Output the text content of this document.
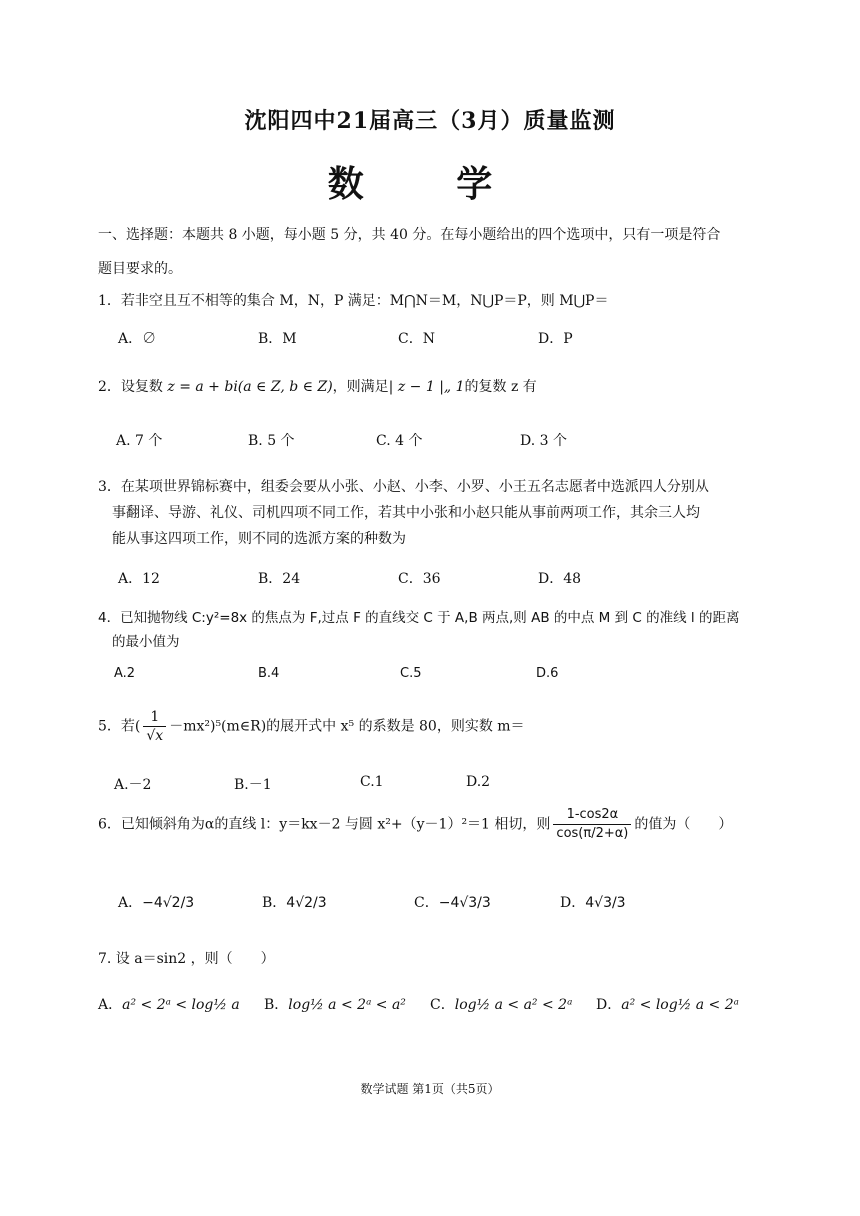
沈阳四中21届高三（3月）质量监测
数 学
一、选择题：本题共 8 小题，每小题 5 分，共 40 分。在每小题给出的四个选项中，只有一项是符合
题目要求的。
1．若非空且互不相等的集合 M，N，P 满足：M⋂N＝M，N⋃P＝P，则 M⋃P＝
A．∅	B．M	C．N	D．P
2．设复数 z = a + bi(a ∈ Z, b ∈ Z)，则满足| z − 1 |„ 1的复数 z 有
A. 7 个	B. 5 个	C. 4 个	D. 3 个
3．在某项世界锦标赛中，组委会要从小张、小赵、小李、小罗、小王五名志愿者中选派四人分别从
事翻译、导游、礼仪、司机四项不同工作，若其中小张和小赵只能从事前两项工作，其余三人均
能从事这四项工作，则不同的选派方案的种数为
A．12	B．24	C．36	D．48
4．已知抛物线 C:y²=8x 的焦点为 F,过点 F 的直线交 C 于 A,B 两点,则 AB 的中点 M 到 C 的准线 l 的距离
的最小值为
A.2	B.4	C.5	D.6
5．若( $\frac{1}{√x}$ －mx²)⁵(m∈R)的展开式中 x⁵ 的系数是 80，则实数 m＝
A.－2	B.－1	C.1	D.2
6．已知倾斜角为α的直线 l：y＝kx－2 与圆 x²+（y－1）²＝1 相切，则 $\frac{1-\cos 2\alpha}{\cos(\pi/2+\alpha)}$ 的值为（　　）
A．−4√2/3	B．4√2/3	C．−4√3/3	D．4√3/3
7. 设 a＝sin2 ，则（　　）
A．a² < 2ᵃ < log½ a B．log½ a < 2ᵃ < a² C．log½ a < a² < 2ᵃ D．a² < log½ a < 2ᵃ
数学试题 第1页（共5页）
